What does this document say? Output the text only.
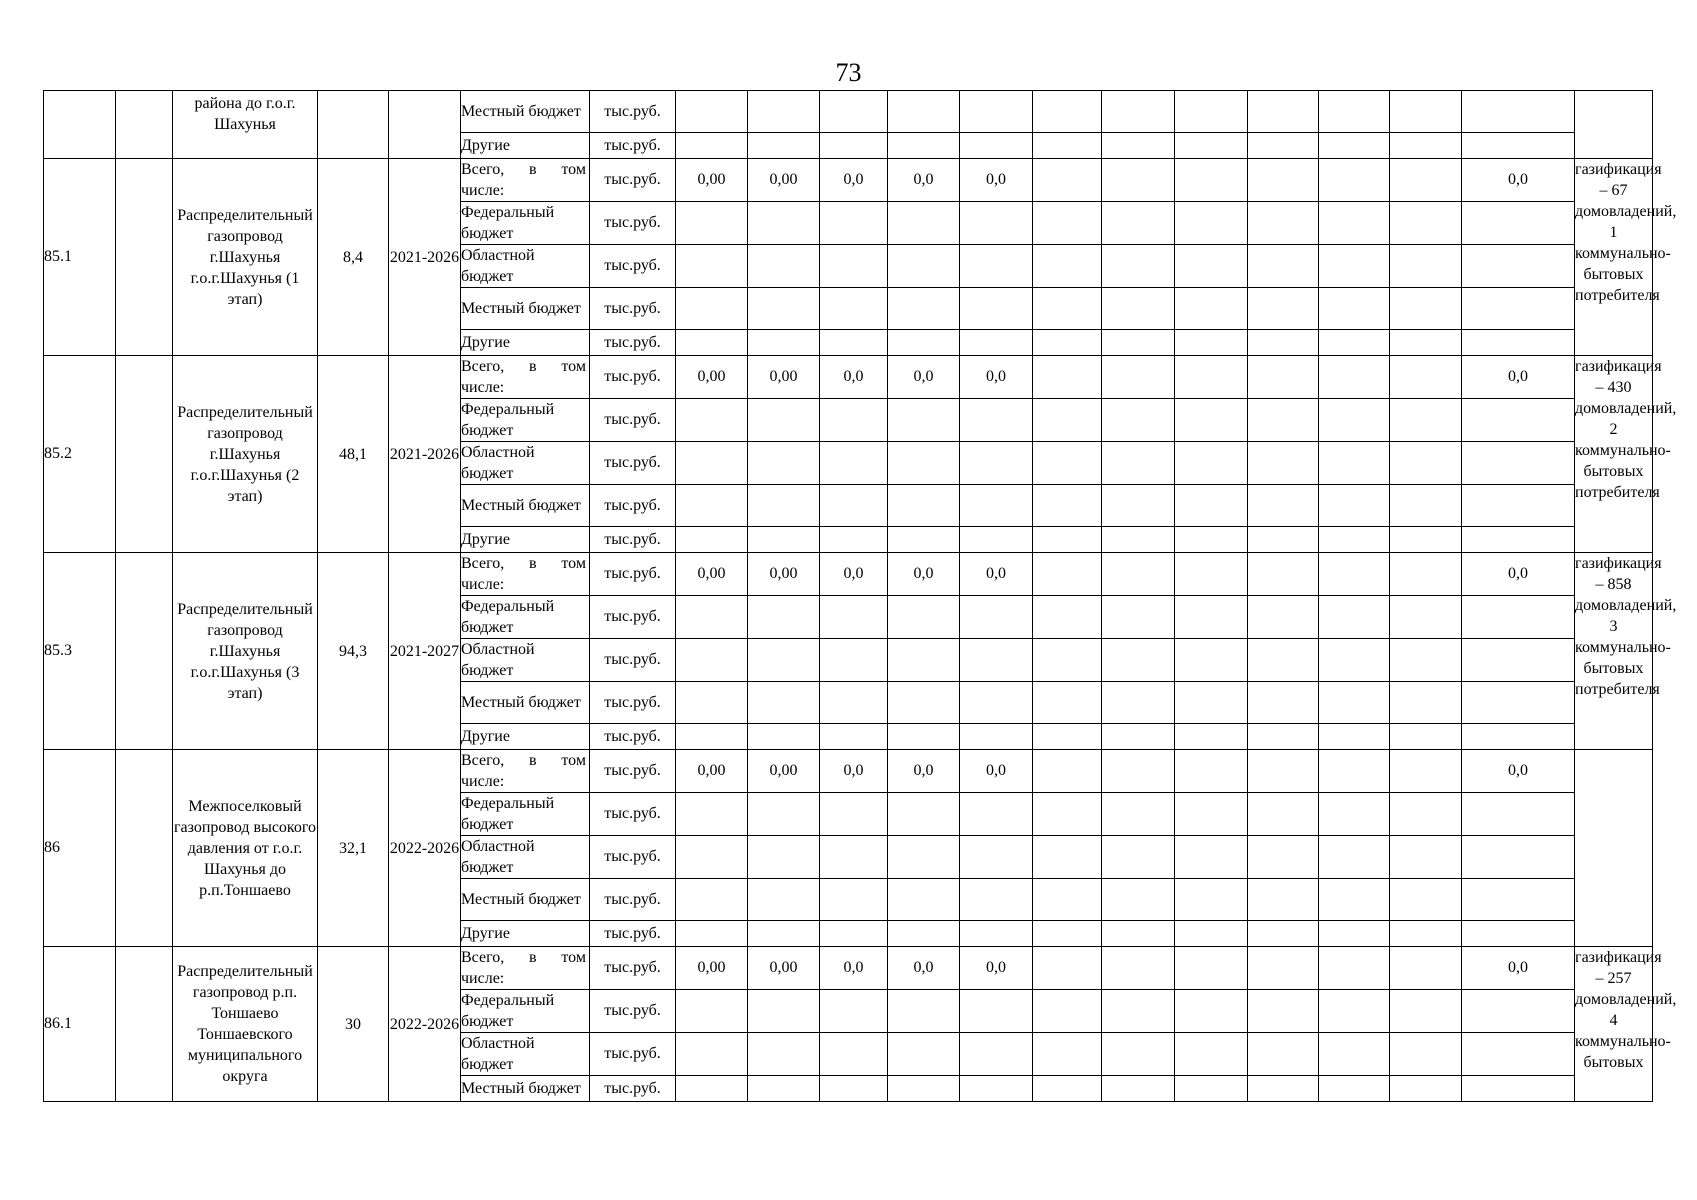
73
		района до г.о.г. Шахунья			Местный бюджет	тыс.руб.													
					Другие	тыс.руб.													
85.1		Распределительный газопровод г.Шахунья г.о.г.Шахунья (1 этап)	8,4	2021-2026	Всего, в том числе:	тыс.руб.	0,00	0,00	0,0	0,0	0,0							0,0	газификация – 67 домовладений, 1 коммунально-бытовых потребителя
					Федеральный бюджет	тыс.руб.													
					Областной бюджет	тыс.руб.													
					Местный бюджет	тыс.руб.													
					Другие	тыс.руб.													
85.2		Распределительный газопровод г.Шахунья г.о.г.Шахунья (2 этап)	48,1	2021-2026	Всего, в том числе:	тыс.руб.	0,00	0,00	0,0	0,0	0,0							0,0	газификация – 430 домовладений, 2 коммунально-бытовых потребителя
					Федеральный бюджет	тыс.руб.													
					Областной бюджет	тыс.руб.													
					Местный бюджет	тыс.руб.													
					Другие	тыс.руб.													
85.3		Распределительный газопровод г.Шахунья г.о.г.Шахунья (3 этап)	94,3	2021-2027	Всего, в том числе:	тыс.руб.	0,00	0,00	0,0	0,0	0,0							0,0	газификация – 858 домовладений, 3 коммунально-бытовых потребителя
					Федеральный бюджет	тыс.руб.													
					Областной бюджет	тыс.руб.													
					Местный бюджет	тыс.руб.													
					Другие	тыс.руб.													
86		Межпоселковый газопровод высокого давления от г.о.г. Шахунья до р.п.Тоншаево	32,1	2022-2026	Всего, в том числе:	тыс.руб.	0,00	0,00	0,0	0,0	0,0							0,0	
					Федеральный бюджет	тыс.руб.													
					Областной бюджет	тыс.руб.													
					Местный бюджет	тыс.руб.													
					Другие	тыс.руб.													
86.1		Распределительный газопровод р.п. Тоншаево Тоншаевского муниципального округа	30	2022-2026	Всего, в том числе:	тыс.руб.	0,00	0,00	0,0	0,0	0,0							0,0	газификация – 257 домовладений, 4 коммунально-бытовых
					Федеральный бюджет	тыс.руб.													
					Областной бюджет	тыс.руб.													
					Местный бюджет	тыс.руб.													
